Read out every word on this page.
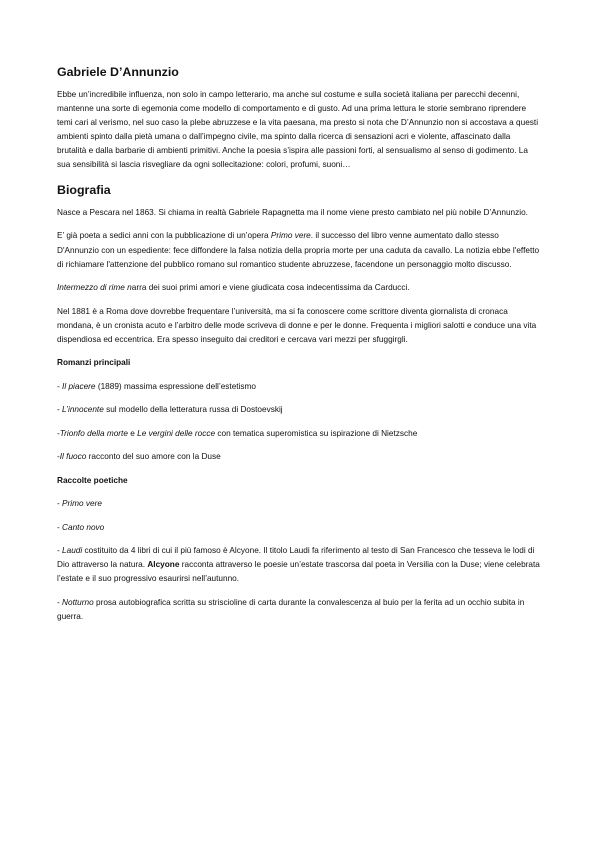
Gabriele D’Annunzio

Ebbe un’incredibile influenza, non solo in campo letterario, ma anche sul costume e sulla società italiana per parecchi decenni, mantenne una sorte di egemonia come modello di comportamento e di gusto. Ad una prima lettura le storie sembrano riprendere temi cari al verismo, nel suo caso la plebe abruzzese e la vita paesana, ma presto si nota che D’Annunzio non si accostava a questi ambienti spinto dalla pietà umana o dall’impegno civile, ma spinto dalla ricerca di sensazioni acri e violente, affascinato dalla brutalità e dalla barbarie di ambienti primitivi. Anche la poesia s’ispira alle passioni forti, al sensualismo al senso di godimento. La sua sensibilità si lascia risvegliare da ogni sollecitazione: colori, profumi, suoni…

Biografia

Nasce a Pescara nel 1863. Si chiama in realtà Gabriele Rapagnetta ma il nome viene presto cambiato nel più nobile D’Annunzio.

E’ già poeta a sedici anni con la pubblicazione di un’opera Primo vere. il successo del libro venne aumentato dallo stesso D'Annunzio con un espediente: fece diffondere la falsa notizia della propria morte per una caduta da cavallo. La notizia ebbe l'effetto di richiamare l'attenzione del pubblico romano sul romantico studente abruzzese, facendone un personaggio molto discusso.

Intermezzo di rime narra dei suoi primi amori e viene giudicata cosa indecentissima da Carducci.

Nel 1881 è a Roma dove dovrebbe frequentare l’università, ma si fa conoscere come scrittore diventa giornalista di cronaca mondana, è un cronista acuto e l’arbitro delle mode scriveva di donne e per le donne. Frequenta i migliori salotti e conduce una vita dispendiosa ed eccentrica. Era spesso inseguito dai creditori e cercava vari mezzi per sfuggirgli.

Romanzi principali

- Il piacere (1889) massima espressione dell’estetismo

- L’innocente sul modello della letteratura russa di Dostoevskij

-Trionfo della morte e Le vergini delle rocce con tematica superomistica su ispirazione di Nietzsche

-Il fuoco racconto del suo amore con la Duse

Raccolte poetiche

- Primo vere

- Canto novo

- Laudi costituito da 4 libri di cui il più famoso è Alcyone. Il titolo Laudi fa riferimento al testo di San Francesco che tesseva le lodi di Dio attraverso la natura. Alcyone racconta attraverso le poesie un’estate trascorsa dal poeta in Versilia con la Duse; viene celebrata l’estate e il suo progressivo esaurirsi nell’autunno.

- Notturno prosa autobiografica scritta su striscioline di carta durante la convalescenza al buio per la ferita ad un occhio subita in guerra.
